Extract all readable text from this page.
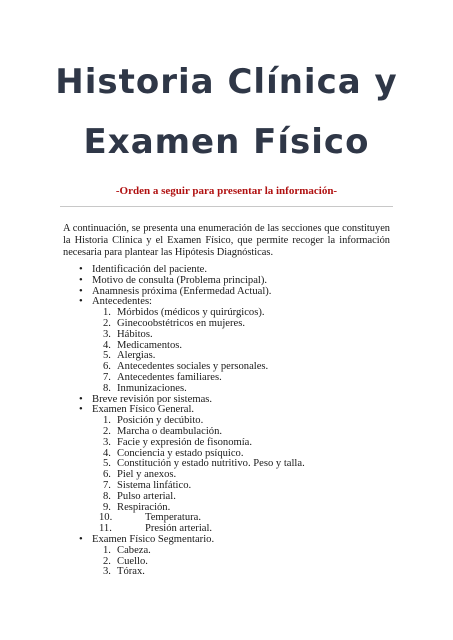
Historia Clínica y
Examen Físico
-Orden a seguir para presentar la información-

A continuación, se presenta una enumeración de las secciones que constituyen la Historia Clínica y el Examen Físico, que permite recoger la información necesaria para plantear las Hipótesis Diagnósticas.

• Identificación del paciente.
• Motivo de consulta (Problema principal).
• Anamnesis próxima (Enfermedad Actual).
• Antecedentes:
1. Mórbidos (médicos y quirúrgicos).
2. Ginecoobstétricos en mujeres.
3. Hábitos.
4. Medicamentos.
5. Alergias.
6. Antecedentes sociales y personales.
7. Antecedentes familiares.
8. Inmunizaciones.
• Breve revisión por sistemas.
• Examen Físico General.
1. Posición y decúbito.
2. Marcha o deambulación.
3. Facie y expresión de fisonomía.
4. Conciencia y estado psíquico.
5. Constitución y estado nutritivo. Peso y talla.
6. Piel y anexos.
7. Sistema linfático.
8. Pulso arterial.
9. Respiración.
10.	Temperatura.
11.	Presión arterial.
• Examen Físico Segmentario.
1. Cabeza.
2. Cuello.
3. Tórax.
